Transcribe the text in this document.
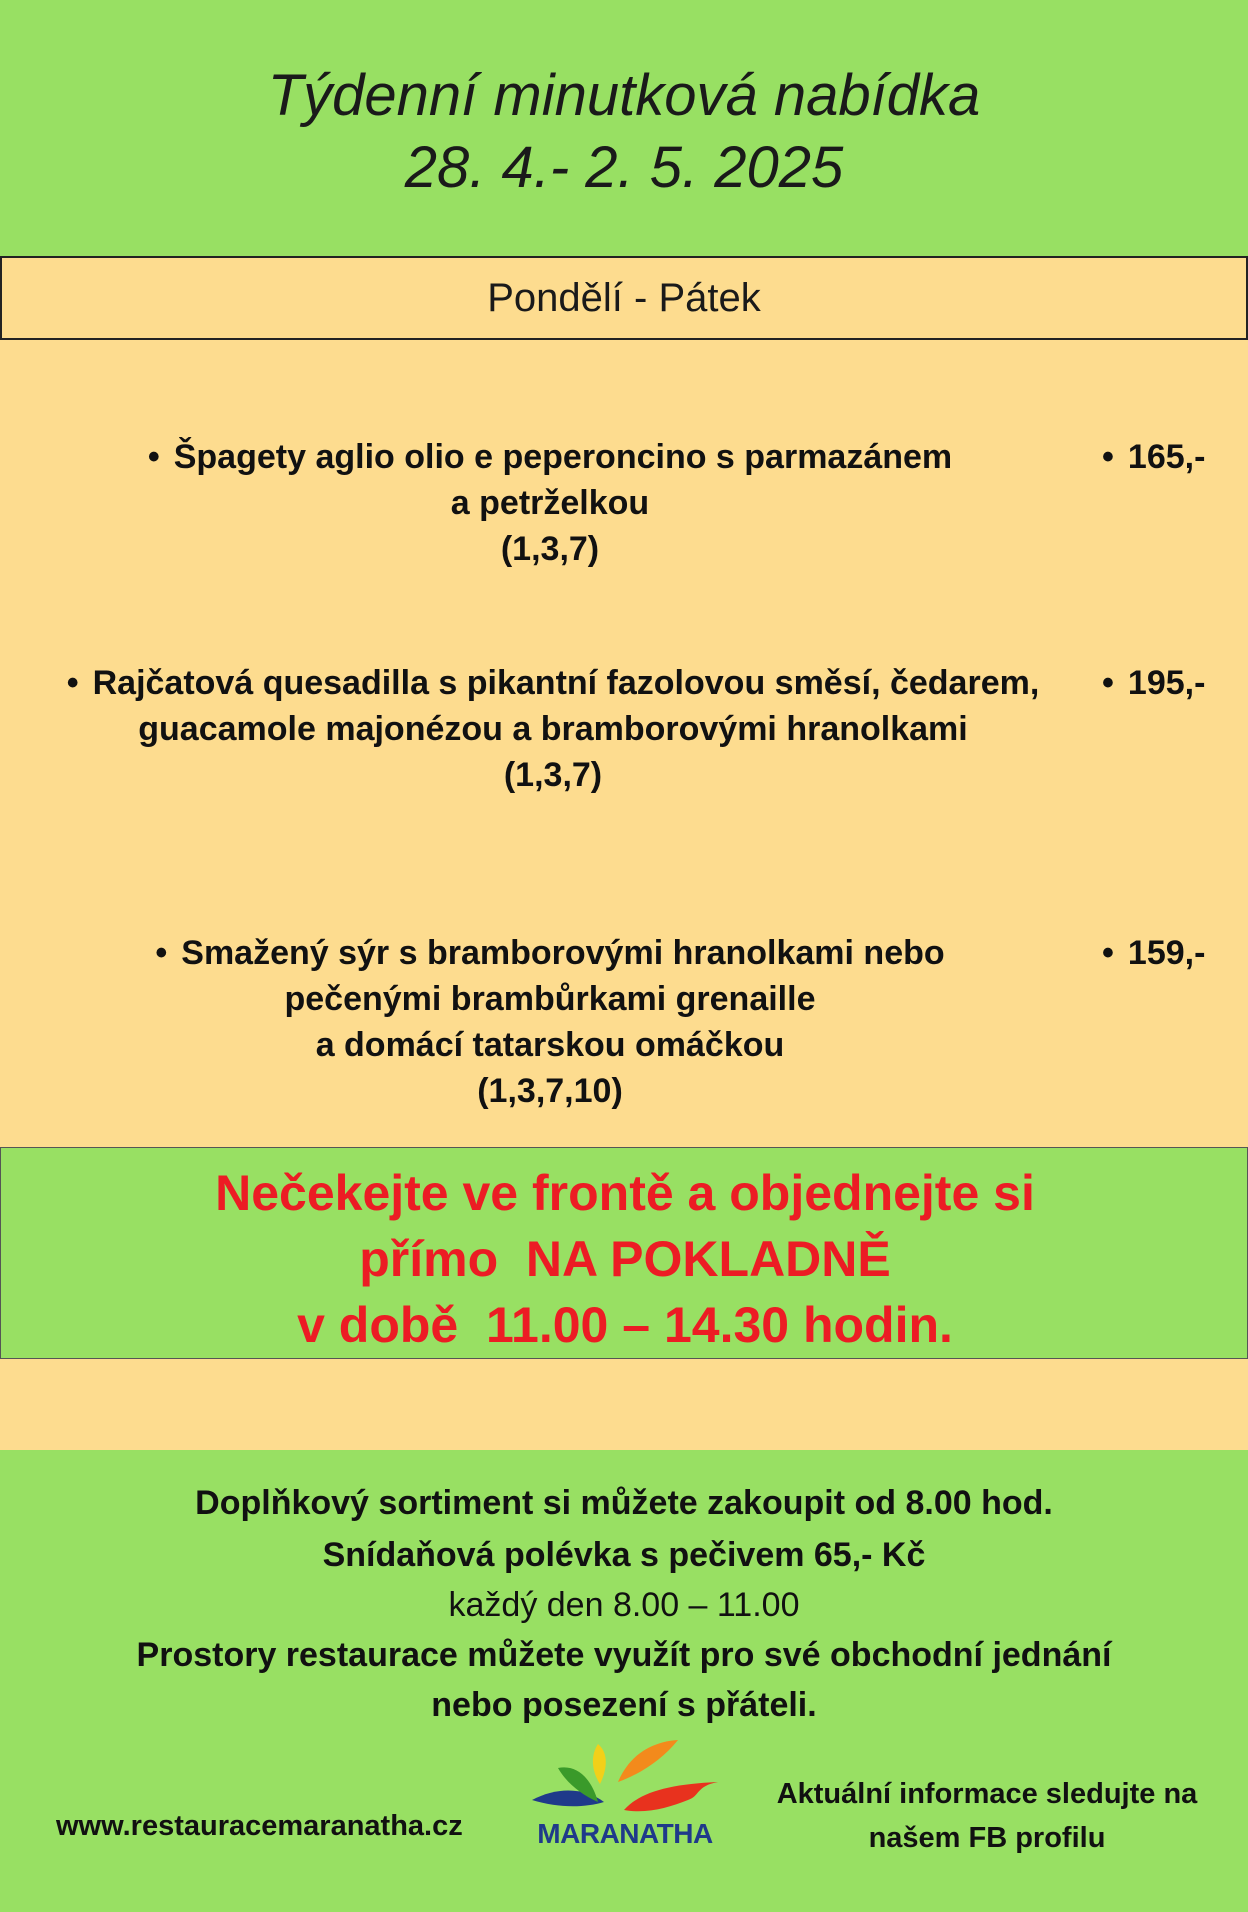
Týdenní minutková nabídka
28. 4.- 2. 5. 2025
Pondělí - Pátek
• Špagety aglio olio e peperoncino s parmazánem
a petrželkou
(1,3,7)
• 165,-
• Rajčatová quesadilla s pikantní fazolovou směsí, čedarem,
guacamole majonézou a bramborovými hranolkami
(1,3,7)
• 195,-
• Smažený sýr s bramborovými hranolkami nebo
pečenými brambůrkami grenaille
a domácí tatarskou omáčkou
(1,3,7,10)
• 159,-
Nečekejte ve frontě a objednejte si
přímo  NA POKLADNĚ
v době  11.00 – 14.30 hodin.
Doplňkový sortiment si můžete zakoupit od 8.00 hod.
Snídaňová polévka s pečivem 65,- Kč
každý den 8.00 – 11.00
Prostory restaurace můžete využít pro své obchodní jednání
nebo posezení s přáteli.
www.restauracemaranatha.cz	MARANATHA
Aktuální informace sledujte na
našem FB profilu
